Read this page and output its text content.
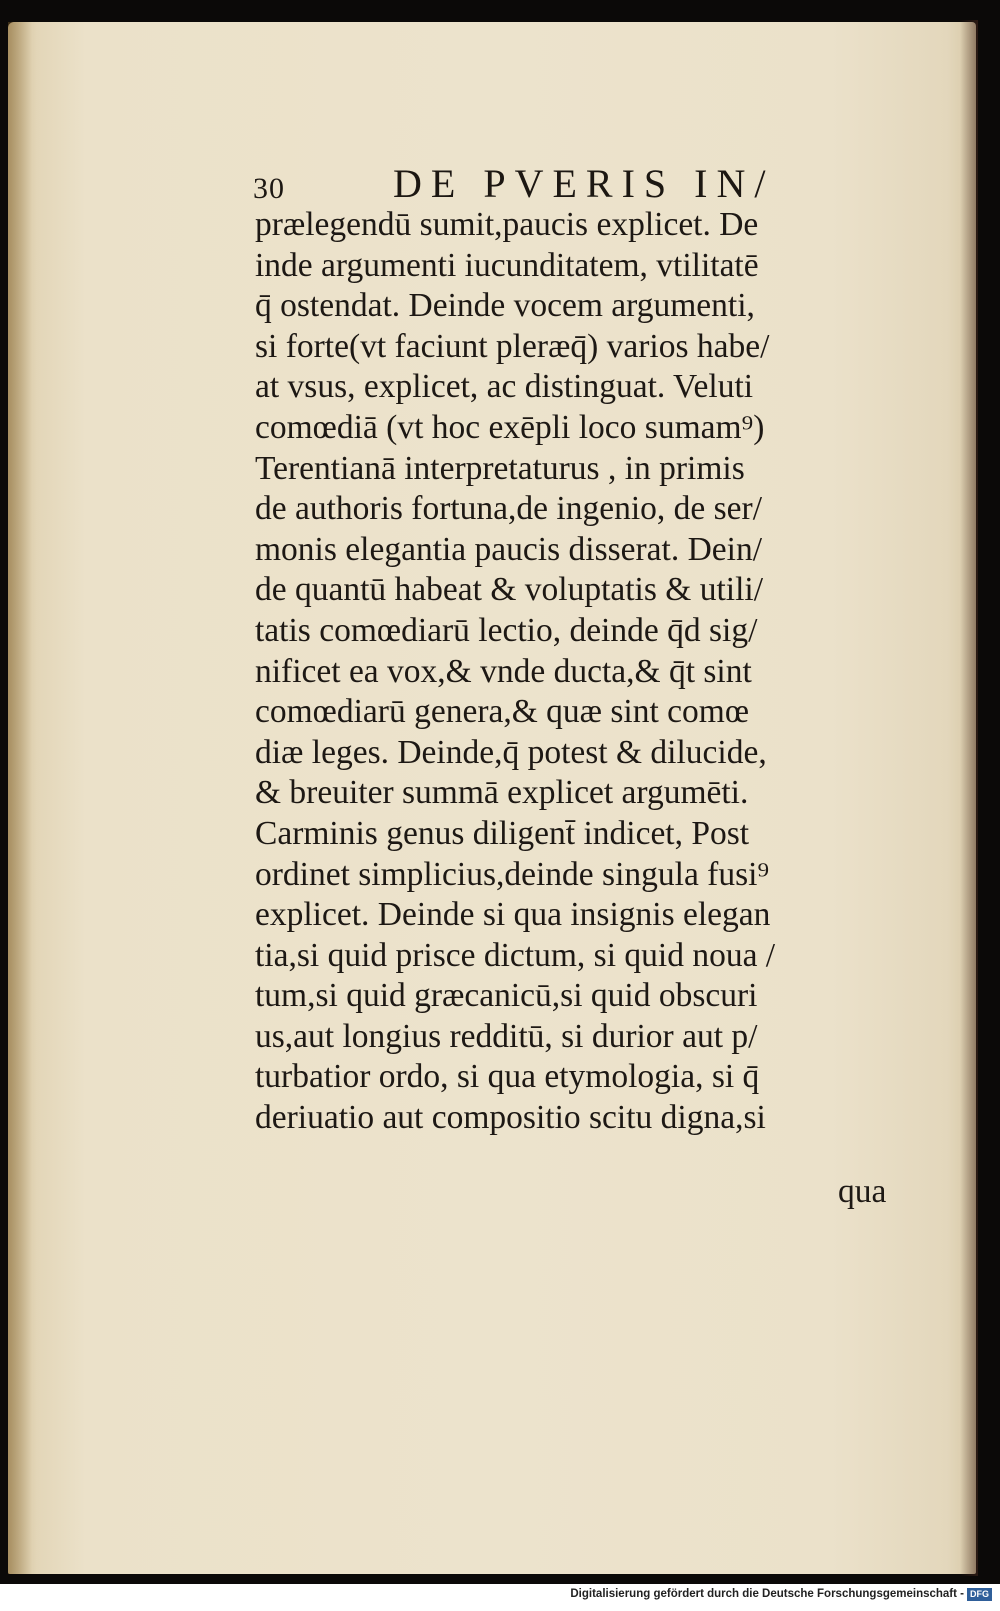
30	DE PVERIS IN/
prælegendū sumit,paucis explicet. De
inde argumenti iucunditatem, vtilitatē
q̄ ostendat. Deinde vocem argumenti,
si forte(vt faciunt pleræq̄) varios habe/
at vsus, explicet, ac distinguat. Veluti
comœdiā (vt hoc exēpli loco sumam⁹)
Terentianā interpretaturus , in primis
de authoris fortuna,de ingenio, de ser/
monis elegantia paucis disserat. Dein/
de quantū habeat & voluptatis & utili/
tatis comœdiarū lectio, deinde q̄d sig/
nificet ea vox,& vnde ducta,& q̄t sint
comœdiarū genera,& quæ sint comœ
diæ leges. Deinde,q̄ potest & dilucide,
& breuiter summā explicet argumēti.
Carminis genus diligent̄ indicet, Post
ordinet simplicius,deinde singula fusi⁹
explicet. Deinde si qua insignis elegan
tia,si quid prisce dictum, si quid noua /
tum,si quid græcanicū,si quid obscuri
us,aut longius redditū, si durior aut p/
turbatior ordo, si qua etymologia, si q̄
deriuatio aut compositio scitu digna,si
qua
Digitalisierung gefördert durch die Deutsche Forschungsgemeinschaft - DFG
